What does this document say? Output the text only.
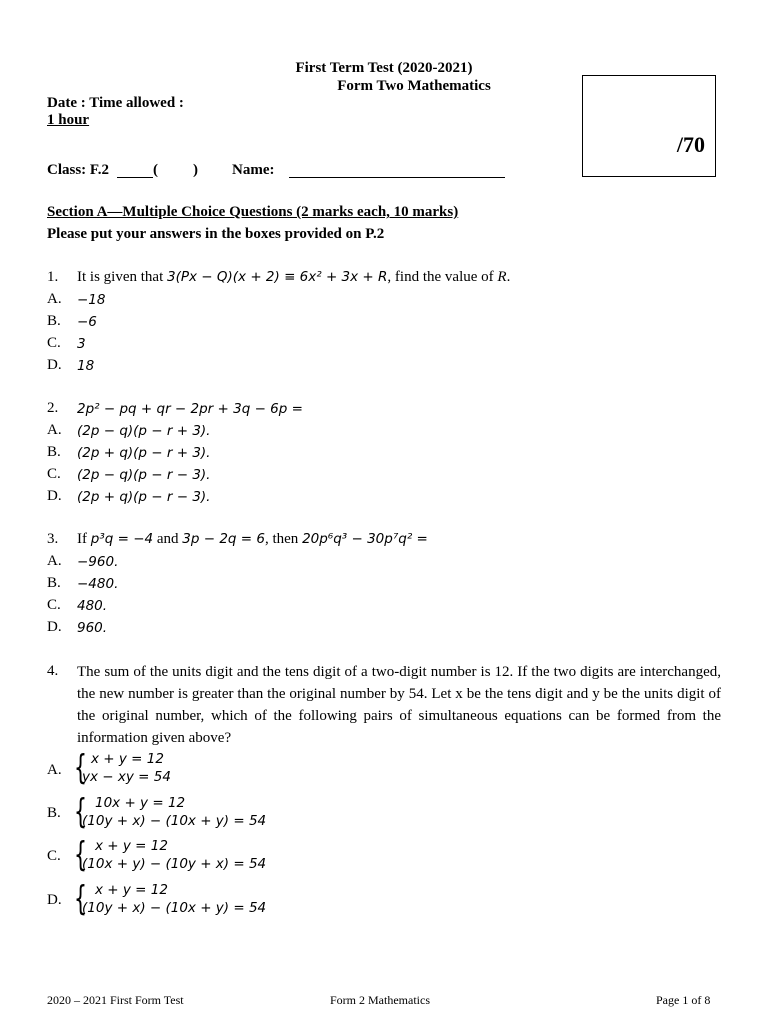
First Term Test (2020-2021)
Form Two Mathematics
Date : Time allowed :
1 hour
Class: F.2	( ) Name:
/70
Section A—Multiple Choice Questions (2 marks each, 10 marks)
Please put your answers in the boxes provided on P.2
1. It is given that 3(Px − Q)(x + 2) ≡ 6x² + 3x + R, find the value of R.
A. −18
B. −6
C. 3
D. 18
2. 2p² − pq + qr − 2pr + 3q − 6p =
A. (2p − q)(p − r + 3).
B. (2p + q)(p − r + 3).
C. (2p − q)(p − r − 3).
D. (2p + q)(p − r − 3).
3. If p³q = −4 and 3p − 2q = 6, then 20p⁶q³ − 30p⁷q² =
A. −960.
B. −480.
C. 480.
D. 960.
4. The sum of the units digit and the tens digit of a two-digit number is 12. If the two digits are interchanged, the new number is greater than the original number by 54. Let x be the tens digit and y be the units digit of the original number, which of the following pairs of simultaneous equations can be formed from the information given above?
A. { x + y = 12
yx − xy = 54
B. { 10x + y = 12
(10y + x) − (10x + y) = 54
C. { x + y = 12
(10x + y) − (10y + x) = 54
D. { x + y = 12
(10y + x) − (10x + y) = 54
2020 – 2021 First Form Test	Form 2 Mathematics	Page 1 of 8
